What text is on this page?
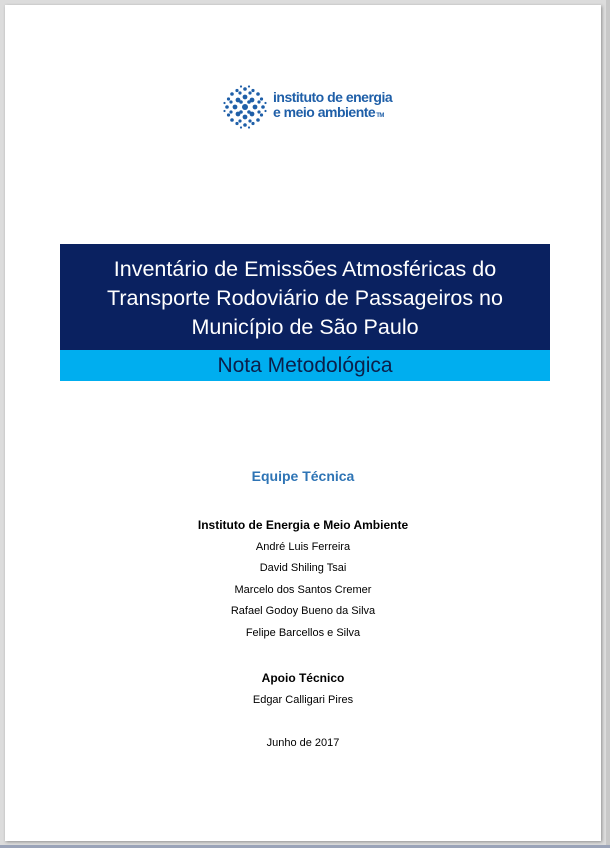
instituto de energia
e meio ambienteTM
Inventário de Emissões Atmosféricas do
Transporte Rodoviário de Passageiros no
Município de São Paulo
Nota Metodológica
Equipe Técnica
Instituto de Energia e Meio Ambiente
André Luis Ferreira
David Shiling Tsai
Marcelo dos Santos Cremer
Rafael Godoy Bueno da Silva
Felipe Barcellos e Silva
Apoio Técnico
Edgar Calligari Pires
Junho de 2017
